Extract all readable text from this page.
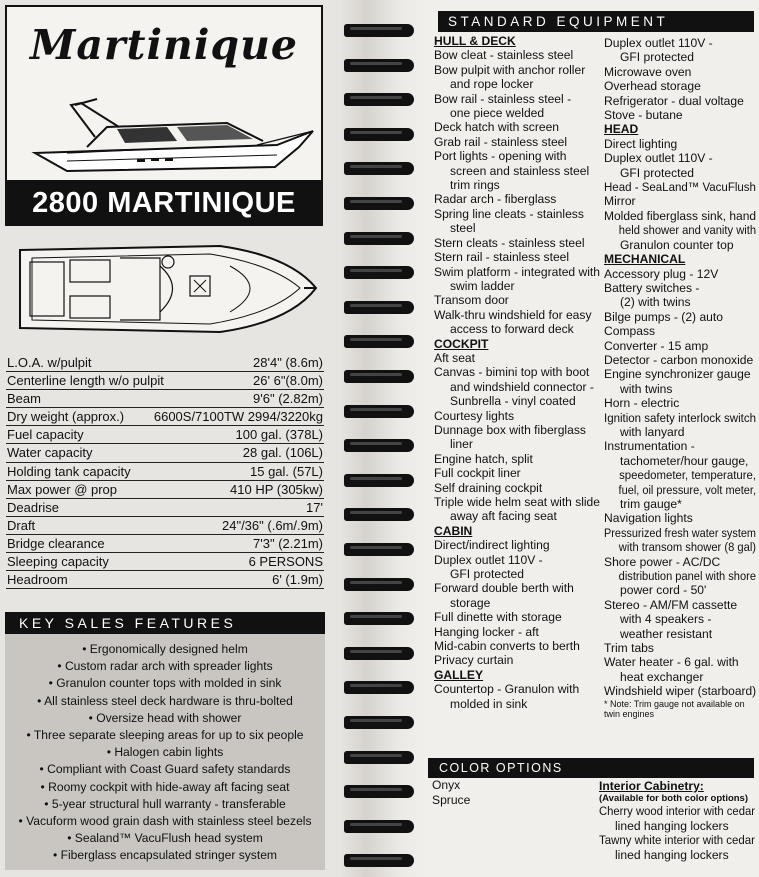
Martinique
2800 MARTINIQUE
L.O.A. w/pulpit	28'4" (8.6m)
Centerline length w/o pulpit	26' 6"(8.0m)
Beam	9'6" (2.82m)
Dry weight (approx.) 6600S/7100TW 2994/3220kg
Fuel capacity	100 gal. (378L)
Water capacity	28 gal. (106L)
Holding tank capacity	15 gal. (57L)
Max power @ prop	410 HP (305kw)
Deadrise	17'
Draft	24"/36" (.6m/.9m)
Bridge clearance	7'3" (2.21m)
Sleeping capacity	6 PERSONS
Headroom	6' (1.9m)
KEY SALES FEATURES
• Ergonomically designed helm
• Custom radar arch with spreader lights
• Granulon counter tops with molded in sink
• All stainless steel deck hardware is thru-bolted
• Oversize head with shower
• Three separate sleeping areas for up to six people
• Halogen cabin lights
• Compliant with Coast Guard safety standards
• Roomy cockpit with hide-away aft facing seat
• 5-year structural hull warranty - transferable
• Vacuform wood grain dash with stainless steel bezels
• Sealand™ VacuFlush head system
• Fiberglass encapsulated stringer system
STANDARD EQUIPMENT
HULL & DECK
Bow cleat - stainless steel
Bow pulpit with anchor roller
and rope locker
Bow rail - stainless steel -
one piece welded
Deck hatch with screen
Grab rail - stainless steel
Port lights - opening with
screen and stainless steel
trim rings
Radar arch - fiberglass
Spring line cleats - stainless
steel
Stern cleats - stainless steel
Stern rail - stainless steel
Swim platform - integrated with
swim ladder
Transom door
Walk-thru windshield for easy
access to forward deck
COCKPIT
Aft seat
Canvas - bimini top with boot
and windshield connector -
Sunbrella - vinyl coated
Courtesy lights
Dunnage box with fiberglass
liner
Engine hatch, split
Full cockpit liner
Self draining cockpit
Triple wide helm seat with slide
away aft facing seat
CABIN
Direct/indirect lighting
Duplex outlet 110V -
GFI protected
Forward double berth with
storage
Full dinette with storage
Hanging locker - aft
Mid-cabin converts to berth
Privacy curtain
GALLEY
Countertop - Granulon with
molded in sink
Duplex outlet 110V -
GFI protected
Microwave oven
Overhead storage
Refrigerator - dual voltage
Stove - butane
HEAD
Direct lighting
Duplex outlet 110V -
GFI protected
Head - SeaLand™ VacuFlush
Mirror
Molded fiberglass sink, hand
held shower and vanity with
Granulon counter top
MECHANICAL
Accessory plug - 12V
Battery switches -
(2) with twins
Bilge pumps - (2) auto
Compass
Converter - 15 amp
Detector - carbon monoxide
Engine synchronizer gauge
with twins
Horn - electric
Ignition safety interlock switch
with lanyard
Instrumentation -
tachometer/hour gauge,
speedometer, temperature,
fuel, oil pressure, volt meter,
trim gauge*
Navigation lights
Pressurized fresh water system
with transom shower (8 gal)
Shore power - AC/DC
distribution panel with shore
power cord - 50'
Stereo - AM/FM cassette
with 4 speakers -
weather resistant
Trim tabs
Water heater - 6 gal. with
heat exchanger
Windshield wiper (starboard)
* Note: Trim gauge not available on
twin engines
COLOR OPTIONS
Onyx
Spruce
Interior Cabinetry:
(Available for both color options)
Cherry wood interior with cedar
lined hanging lockers
Tawny white interior with cedar
lined hanging lockers
